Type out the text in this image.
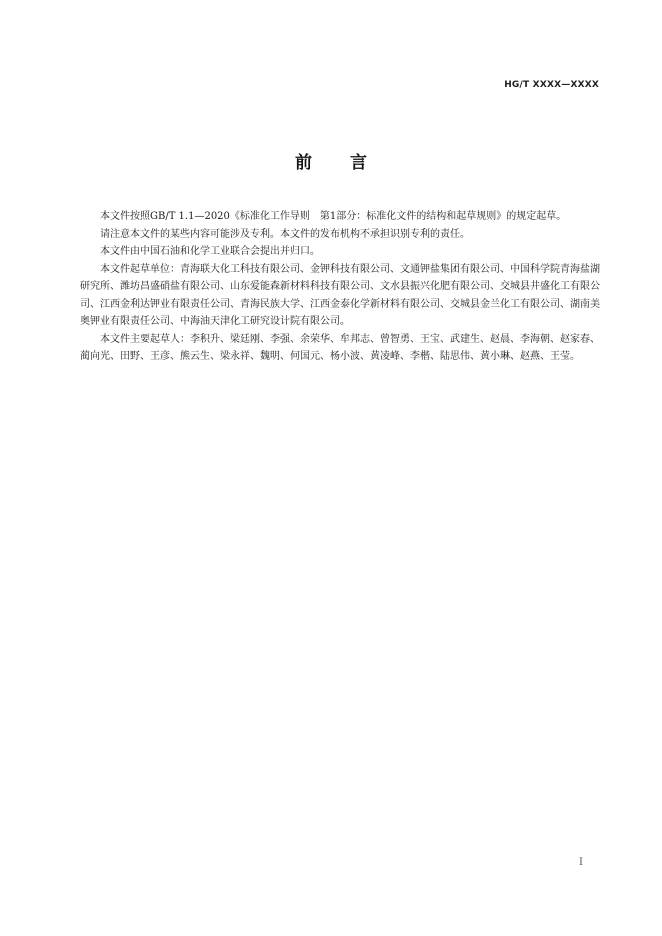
HG/T XXXX—XXXX
前言

本文件按照GB/T 1.1—2020《标准化工作导则　第1部分：标准化文件的结构和起草规则》的规定起草。

请注意本文件的某些内容可能涉及专利。本文件的发布机构不承担识别专利的责任。

本文件由中国石油和化学工业联合会提出并归口。

本文件起草单位：青海联大化工科技有限公司、金钾科技有限公司、文通钾盐集团有限公司、中国科学院青海盐湖研究所、潍坊昌盛硝盐有限公司、山东爱能森新材料科技有限公司、文水县振兴化肥有限公司、交城县井盛化工有限公司、江西金利达钾业有限责任公司、青海民族大学、江西金泰化学新材料有限公司、交城县金兰化工有限公司、湖南美奥钾业有限责任公司、中海油天津化工研究设计院有限公司。

本文件主要起草人：李积升、梁廷刚、李强、余荣华、牟邦志、曾智勇、王宝、武建生、赵晨、李海朝、赵家春、蔺向光、田野、王彦、熊云生、梁永祥、魏明、何国元、杨小波、黄凌峰、李楷、陆思伟、黄小琳、赵燕、王莹。

I
